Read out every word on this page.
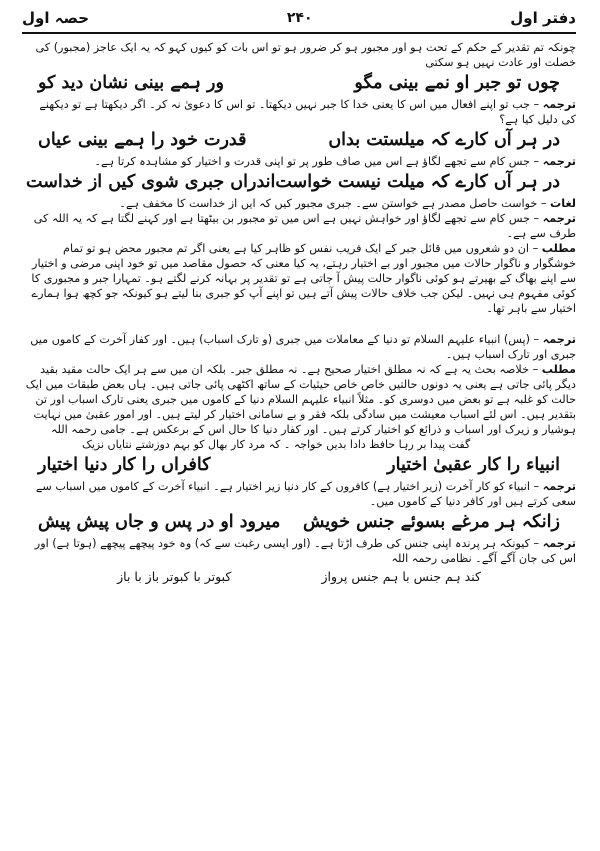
حصہ اول	۲۴۰	دفتر اول

چونکہ تم تقدیر کے حکم کے تحت ہو اور مجبور ہو کر ضرور ہو تو اس بات کو کیوں کہو کہ یہ ایک عاجز (مجبور) کی خصلت اور عادت نہیں ہو سکتی

چوں تو جبر او نمے بینی مگو
ور ہمے بینی نشان دید کو

ترجمہ – جب تو اپنے افعال میں اس کا یعنی خدا کا جبر نہیں دیکھتا۔ تو اس کا دعویٰ نہ کر۔ اگر دیکھتا ہے تو دیکھنے کی دلیل کیا ہے؟

در ہر آں کارے کہ میلستت بداں
قدرت خود را ہمے بینی عیاں

ترجمہ – جس کام سے تجھے لگاؤ ہے اس میں صاف طور پر تو اپنی قدرت و اختیار کو مشاہدہ کرتا ہے۔

در ہر آں کارے کہ میلت نیست خواست
اندراں جبری شوی کیں از خداست

لغات – خواست حاصل مصدر ہے خواستن سے۔ جبری مجبور کیں کہ ایں از خداست کا مخفف ہے۔

ترجمہ – جس کام سے تجھے لگاؤ اور خواہش نہیں ہے اس میں تو مجبور بن بیٹھتا ہے اور کہنے لگتا ہے کہ یہ اللہ کی طرف سے ہے۔

مطلب – ان دو شعروں میں قائل جبر کے ایک فریب نفس کو ظاہر کیا ہے یعنی اگر تم مجبور محض ہو تو تمام خوشگوار و ناگوار حالات میں مجبور اور بے اختیار رہتے، یہ کیا معنی کہ حصول مقاصد میں تو خود اپنی مرضی و اختیار سے اپنے بھاگ کے بھیرتے ہو کوئی ناگوار حالت پیش آ جاتی ہے تو تقدیر پر بہانہ کرنے لگتے ہو۔ تمہارا جبر و مجبوری کا کوئی مفہوم ہی نہیں۔ لیکن جب خلاف حالات پیش آتے ہیں تو اپنے آپ کو جبری بنا لیتے ہو کیونکہ جو کچھ ہوا ہمارے اختیار سے باہر تھا۔

ترجمہ – (پس) انبیاء علیہم السلام تو دنیا کے معاملات میں جبری (و تارک اسباب) ہیں۔ اور کفار آخرت کے کاموں میں جبری اور تارک اسباب ہیں۔

مطلب – خلاصہ بحث یہ ہے کہ نہ مطلق اختیار صحیح ہے۔ نہ مطلق جبر۔ بلکہ ان میں سے ہر ایک حالت مقید بقید دیگر پائی جاتی ہے یعنی یہ دونوں حالتیں خاص خاص حیثیات کے ساتھ اکٹھی پائی جاتی ہیں۔ ہاں بعض طبقات میں ایک حالت کو غلبہ ہے تو بعض میں دوسری کو۔ مثلاً انبیاء علیہم السلام دنیا کے کاموں میں جبری یعنی تارک اسباب اور تن بتقدیر ہیں۔ اس لئے اسباب معیشت میں سادگی بلکہ فقر و بے سامانی اختیار کر لیتے ہیں۔ اور امور عقبیٰ میں نہایت ہوشیار و زیرک اور اسباب و ذرائع کو اختیار کرتے ہیں۔ اور کفار دنیا کا حال اس کے برعکس ہے۔ جامی رحمہ اللہ

گفت پیدا بر رہا حافظ دادا بدیں خواجہ ۔ کہ مرد کار بھال کو بہم دوزشتے نتایاں نزیک

انبیاء را کار عقبیٰ اختیار
کافراں را کار دنیا اختیار

ترجمہ – انبیاء کو کار آخرت (زیر اختیار ہے) کافروں کے کار دنیا زیر اختیار ہے۔ انبیاء آخرت کے کاموں میں اسباب سے سعی کرتے ہیں اور کافر دنیا کے کاموں میں۔

زانکہ ہر مرغے بسوئے جنس خویش
میرود او در پس و جاں پیش پیش

ترجمہ – کیونکہ ہر پرندہ اپنی جنس کی طرف اڑتا ہے۔ (اور ایسی رغبت سے کہ) وہ خود پیچھے پیچھے (ہوتا ہے) اور اس کی جان آگے آگے۔ نظامی رحمہ اللہ

کند ہم جنس با ہم جنس پرواز
کبوتر با کبوتر باز با باز
